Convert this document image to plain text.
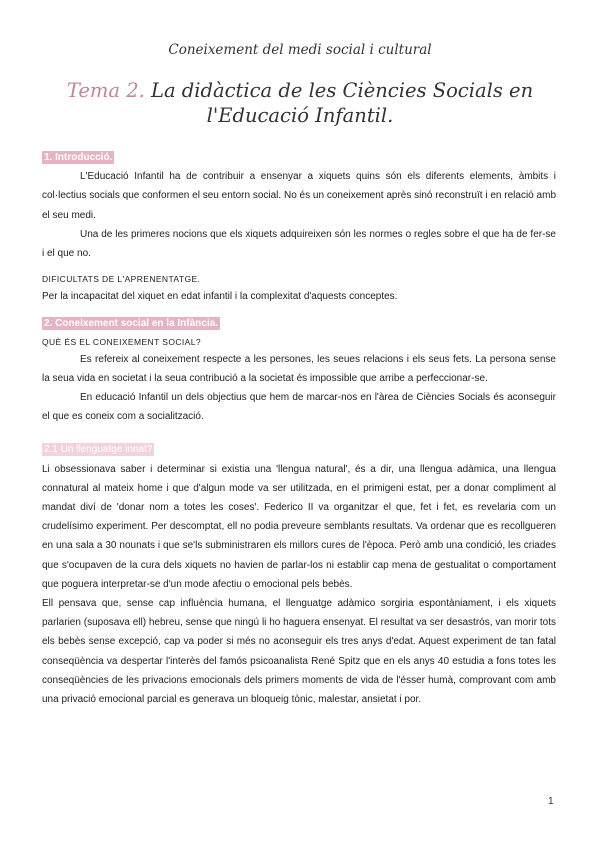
Coneixement del medi social i cultural
Tema 2. La didàctica de les Ciències Socials en
l'Educació Infantil.
1. Introducció.

L'Educació Infantil ha de contribuir a ensenyar a xiquets quins són els diferents elements, àmbits i col·lectius socials que conformen el seu entorn social. No és un coneixement après sinó reconstruït i en relació amb el seu medi.

Una de les primeres nocions que els xiquets adquireixen són les normes o regles sobre el que ha de fer-se i el que no.

DIFICULTATS DE L'APRENENTATGE.

Per la incapacitat del xiquet en edat infantil i la complexitat d'aquests conceptes.

2. Coneixement social en la Infància.

QUÈ ÉS EL CONEIXEMENT SOCIAL?

Es refereix al coneixement respecte a les persones, les seues relacions i els seus fets. La persona sense la seua vida en societat i la seua contribució a la societat és impossible que arribe a perfeccionar-se.

En educació Infantil un dels objectius que hem de marcar-nos en l'àrea de Ciències Socials és aconseguir el que es coneix com a socialització.

2.1 Un llenguatge innat?

Li obsessionava saber i determinar si existia una 'llengua natural', és a dir, una llengua adàmica, una llengua connatural al mateix home i que d'algun mode va ser utilitzada, en el primigeni estat, per a donar compliment al mandat diví de 'donar nom a totes les coses'. Federico II va organitzar el que, fet i fet, es revelaria com un crudelísimo experiment. Per descomptat, ell no podia preveure semblants resultats. Va ordenar que es recollgueren en una sala a 30 nounats i que se'ls subministraren els millors cures de l'època. Però amb una condició, les criades que s'ocupaven de la cura dels xiquets no havien de parlar-los ni establir cap mena de gestualitat o comportament que poguera interpretar-se d'un mode afectiu o emocional pels bebès.

Ell pensava que, sense cap influència humana, el llenguatge adàmico sorgiria espontàniament, i els xiquets parlarien (suposava ell) hebreu, sense que ningú li ho haguera ensenyat. El resultat va ser desastrós, van morir tots els bebès sense excepció, cap va poder si més no aconseguir els tres anys d'edat. Aquest experiment de tan fatal conseqüència va despertar l'interès del famós psicoanalista René Spitz que en els anys 40 estudia a fons totes les conseqüències de les privacions emocionals dels primers moments de vida de l'ésser humà, comprovant com amb una privació emocional parcial es generava un bloqueig tònic, malestar, ansietat i por.

1
